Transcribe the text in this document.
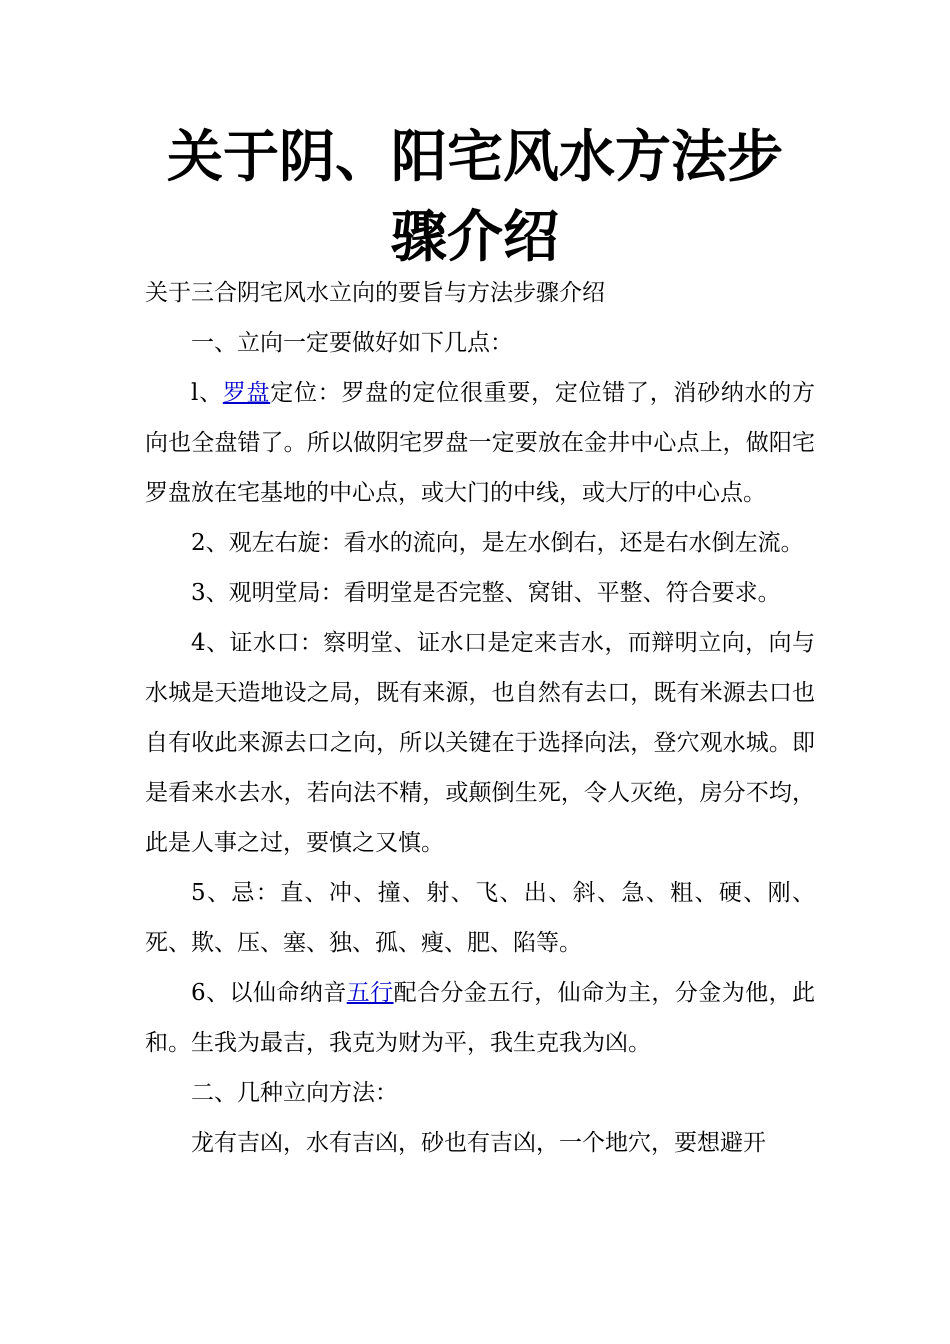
关于阴、阳宅风水方法步
骤介绍

关于三合阴宅风水立向的要旨与方法步骤介绍

一、立向一定要做好如下几点：

l、罗盘定位：罗盘的定位很重要，定位错了，消砂纳水的方向也全盘错了。所以做阴宅罗盘一定要放在金井中心点上，做阳宅罗盘放在宅基地的中心点，或大门的中线，或大厅的中心点。

2、观左右旋：看水的流向，是左水倒右，还是右水倒左流。

3、观明堂局：看明堂是否完整、窝钳、平整、符合要求。

4、证水口：察明堂、证水口是定来吉水，而辩明立向，向与水城是天造地设之局，既有来源，也自然有去口，既有米源去口也自有收此来源去口之向，所以关键在于选择向法，登穴观水城。即是看来水去水，若向法不精，或颠倒生死，令人灭绝，房分不均，此是人事之过，要慎之又慎。

5、忌：直、冲、撞、射、飞、出、斜、急、粗、硬、刚、死、欺、压、塞、独、孤、瘦、肥、陷等。

6、以仙命纳音五行配合分金五行，仙命为主，分金为他，此和。生我为最吉，我克为财为平，我生克我为凶。

二、几种立向方法：

龙有吉凶，水有吉凶，砂也有吉凶，一个地穴，要想避开
